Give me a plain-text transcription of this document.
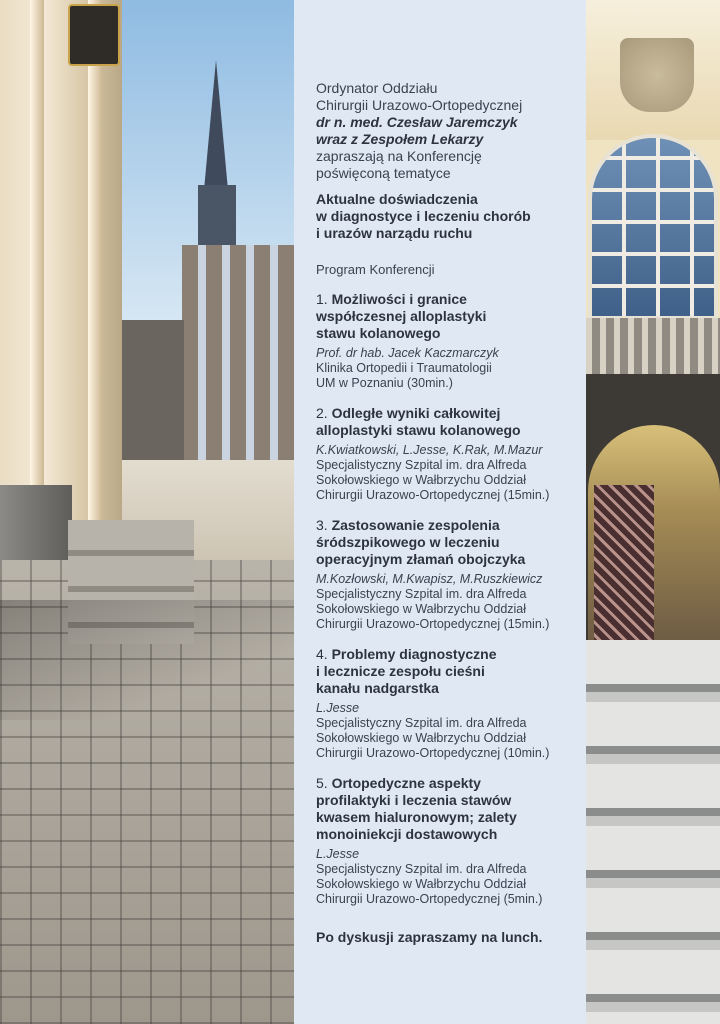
Ordynator Oddziału
Chirurgii Urazowo-Ortopedycznej
dr n. med. Czesław Jaremczyk
wraz z Zespołem Lekarzy
zapraszają na Konferencję
poświęconą tematyce

Aktualne doświadczenia
w diagnostyce i leczeniu chorób
i urazów narządu ruchu

Program Konferencji

1. Możliwości i granice
współczesnej alloplastyki
stawu kolanowego

Prof. dr hab. Jacek Kaczmarczyk

Klinika Ortopedii i Traumatologii
UM w Poznaniu (30min.)

2. Odległe wyniki całkowitej
alloplastyki stawu kolanowego

K.Kwiatkowski, L.Jesse, K.Rak, M.Mazur

Specjalistyczny Szpital im. dra Alfreda
Sokołowskiego w Wałbrzychu Oddział
Chirurgii Urazowo-Ortopedycznej (15min.)

3. Zastosowanie zespolenia
śródszpikowego w leczeniu
operacyjnym złamań obojczyka

M.Kozłowski, M.Kwapisz, M.Ruszkiewicz

Specjalistyczny Szpital im. dra Alfreda
Sokołowskiego w Wałbrzychu Oddział
Chirurgii Urazowo-Ortopedycznej (15min.)

4. Problemy diagnostyczne
i lecznicze zespołu cieśni
kanału nadgarstka

L.Jesse

Specjalistyczny Szpital im. dra Alfreda
Sokołowskiego w Wałbrzychu Oddział
Chirurgii Urazowo-Ortopedycznej (10min.)

5. Ortopedyczne aspekty
profilaktyki i leczenia stawów
kwasem hialuronowym; zalety
monoiniekcji dostawowych

L.Jesse

Specjalistyczny Szpital im. dra Alfreda
Sokołowskiego w Wałbrzychu Oddział
Chirurgii Urazowo-Ortopedycznej (5min.)

Po dyskusji zapraszamy na lunch.
